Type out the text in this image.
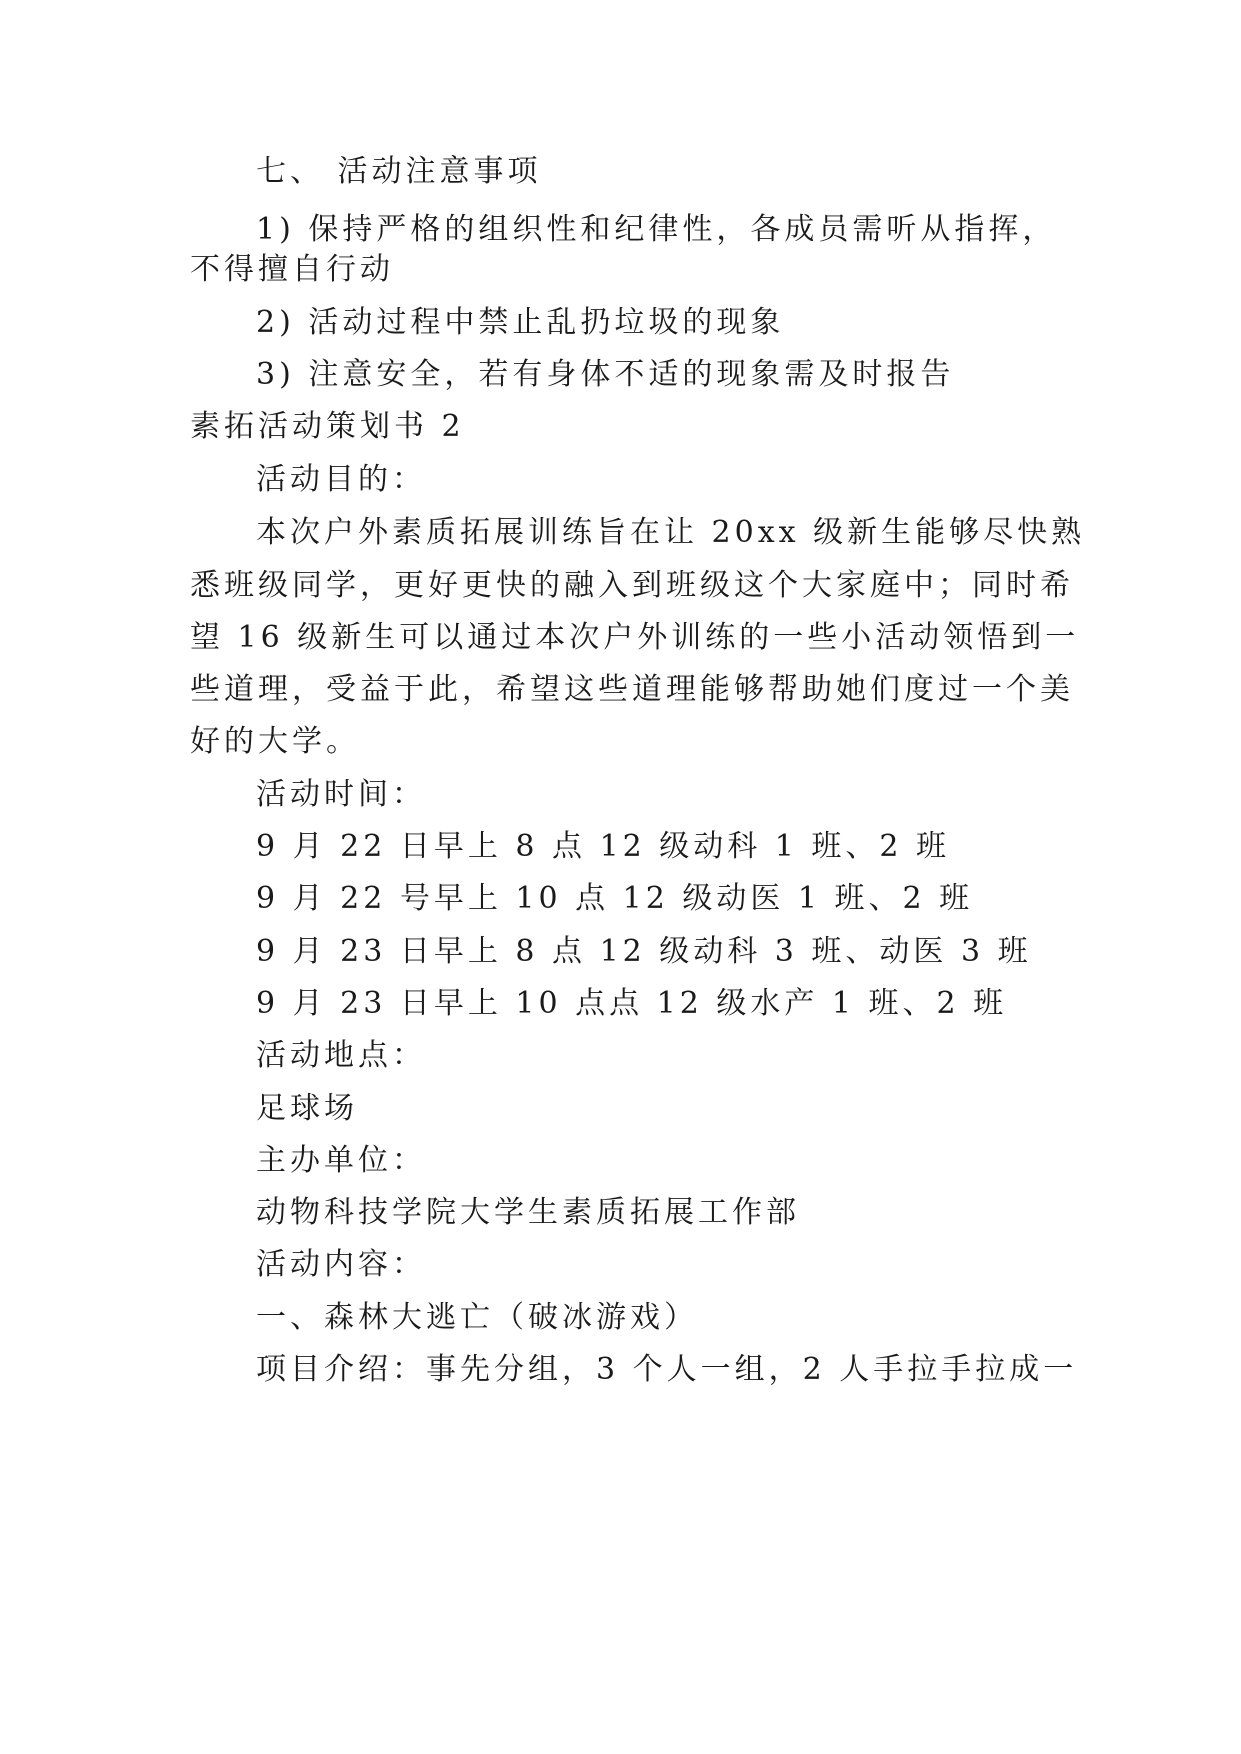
七、 活动注意事项
1) 保持严格的组织性和纪律性，各成员需听从指挥，
不得擅自行动
2) 活动过程中禁止乱扔垃圾的现象
3) 注意安全，若有身体不适的现象需及时报告
素拓活动策划书 2
活动目的：
本次户外素质拓展训练旨在让 20xx 级新生能够尽快熟
悉班级同学，更好更快的融入到班级这个大家庭中；同时希
望 16 级新生可以通过本次户外训练的一些小活动领悟到一
些道理，受益于此，希望这些道理能够帮助她们度过一个美
好的大学。
活动时间：
9 月 22 日早上 8 点 12 级动科 1 班、2 班
9 月 22 号早上 10 点 12 级动医 1 班、2 班
9 月 23 日早上 8 点 12 级动科 3 班、动医 3 班
9 月 23 日早上 10 点点 12 级水产 1 班、2 班
活动地点：
足球场
主办单位：
动物科技学院大学生素质拓展工作部
活动内容：
一、森林大逃亡（破冰游戏）
项目介绍：事先分组，3 个人一组，2 人手拉手拉成一
